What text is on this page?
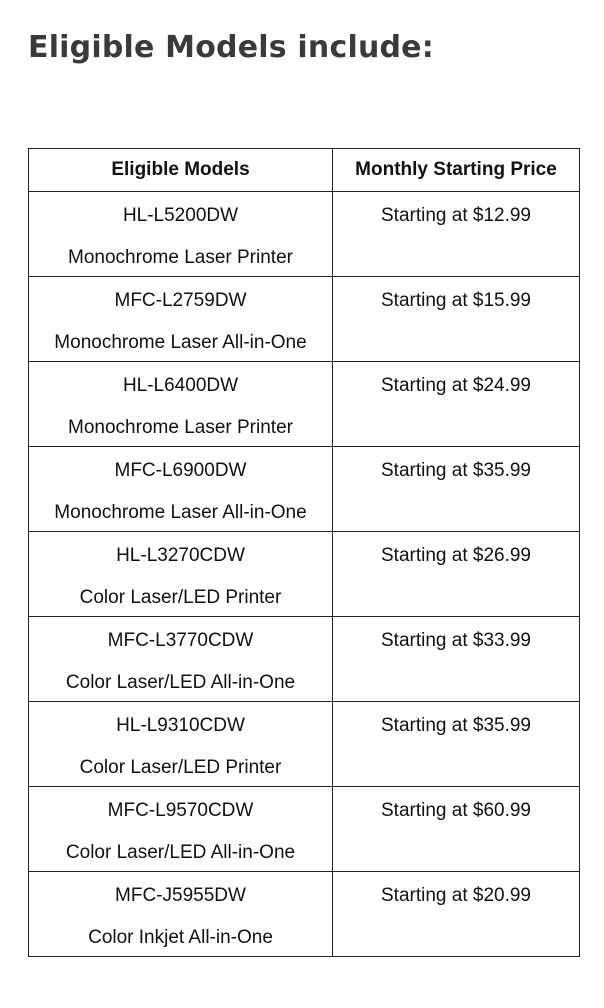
Eligible Models include:
Eligible Models	Monthly Starting Price

HL-L5200DW
Monochrome Laser Printer	Starting at $12.99

MFC-L2759DW
Monochrome Laser All-in-One	Starting at $15.99

HL-L6400DW
Monochrome Laser Printer	Starting at $24.99

MFC-L6900DW
Monochrome Laser All-in-One	Starting at $35.99

HL-L3270CDW
Color Laser/LED Printer	Starting at $26.99

MFC-L3770CDW
Color Laser/LED All-in-One	Starting at $33.99

HL-L9310CDW
Color Laser/LED Printer	Starting at $35.99

MFC-L9570CDW
Color Laser/LED All-in-One	Starting at $60.99

MFC-J5955DW
Color Inkjet All-in-One	Starting at $20.99
